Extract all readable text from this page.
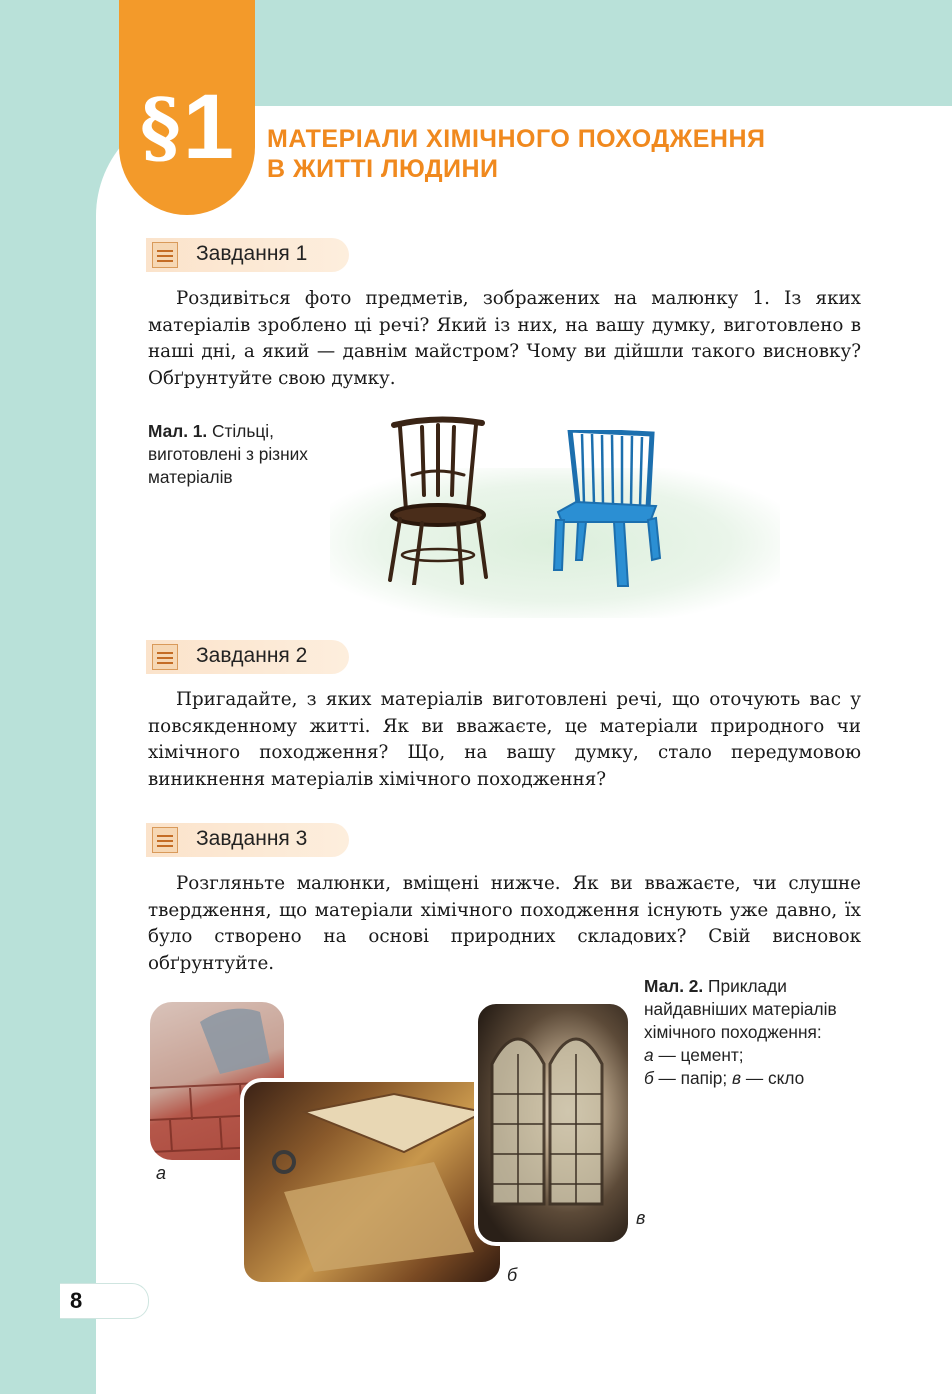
§ 1 МАТЕРІАЛИ ХІМІЧНОГО ПОХОДЖЕННЯ
В ЖИТТІ ЛЮДИНИ
Завдання 1

Роздивіться фото предметів, зображених на малюнку 1. Із яких матеріалів зроблено ці речі? Який із них, на вашу думку, виготовлено в наші дні, а який — давнім майстром? Чому ви дійшли такого висновку? Обґрунтуйте свою думку.

Мал. 1. Стільці, виготовлені з різних матеріалів
Завдання 2

Пригадайте, з яких матеріалів виготовлені речі, що оточують вас у повсякденному житті. Як ви вважаєте, це матеріали природного чи хімічного походження? Що, на вашу думку, стало передумовою виникнення матеріалів хімічного походження?

Завдання 3

Розгляньте малюнки, вміщені нижче. Як ви вважаєте, чи слушне твердження, що матеріали хімічного походження існують уже давно, їх було створено на основі природних складових? Свій висновок обґрунтуйте.

а
б
в
Мал. 2. Приклади найдавніших матеріалів хімічного походження:
а — цемент;
б — папір; в — скло
8
